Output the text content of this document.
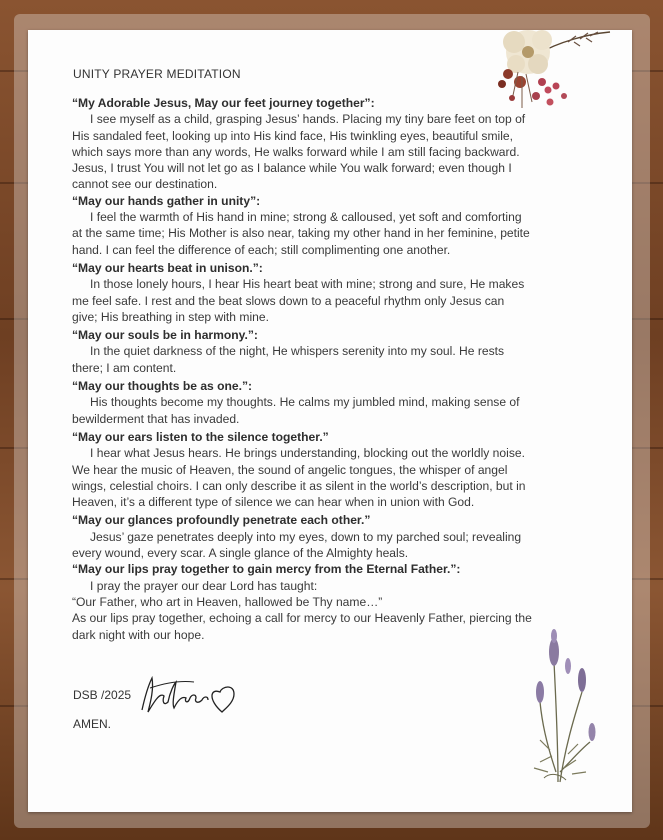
UNITY PRAYER MEDITATION

“My Adorable Jesus, May our feet journey together”:

I see myself as a child, grasping Jesus’ hands. Placing my tiny bare feet on top of His sandaled feet, looking up into His kind face, His twinkling eyes, beautiful smile, which says more than any words, He walks forward while I am still facing backward. Jesus, I trust You will not let go as I balance while You walk forward; even though I cannot see our destination.

“May our hands gather in unity”:

I feel the warmth of His hand in mine; strong & calloused, yet soft and comforting at the same time; His Mother is also near, taking my other hand in her feminine, petite hand. I can feel the difference of each; still complimenting one another.

“May our hearts beat in unison.”:

In those lonely hours, I hear His heart beat with mine; strong and sure, He makes me feel safe. I rest and the beat slows down to a peaceful rhythm only Jesus can give; His breathing in step with mine.

“May our souls be in harmony.”:

In the quiet darkness of the night, He whispers serenity into my soul. He rests there; I am content.

“May our thoughts be as one.”:

His thoughts become my thoughts. He calms my jumbled mind, making sense of bewilderment that has invaded.

“May our ears listen to the silence together.”

I hear what Jesus hears. He brings understanding, blocking out the worldly noise. We hear the music of Heaven, the sound of angelic tongues, the whisper of angel wings, celestial choirs. I can only describe it as silent in the world’s description, but in Heaven, it’s a different type of silence we can hear when in union with God.

“May our glances profoundly penetrate each other.”

Jesus’ gaze penetrates deeply into my eyes, down to my parched soul; revealing every wound, every scar. A single glance of the Almighty heals.

“May our lips pray together to gain mercy from the Eternal Father.”:

I pray the prayer our dear Lord has taught:

“Our Father, who art in Heaven, hallowed be Thy name…”

As our lips pray together, echoing a call for mercy to our Heavenly Father, piercing the dark night with our hope.

DSB /2025
AMEN.
